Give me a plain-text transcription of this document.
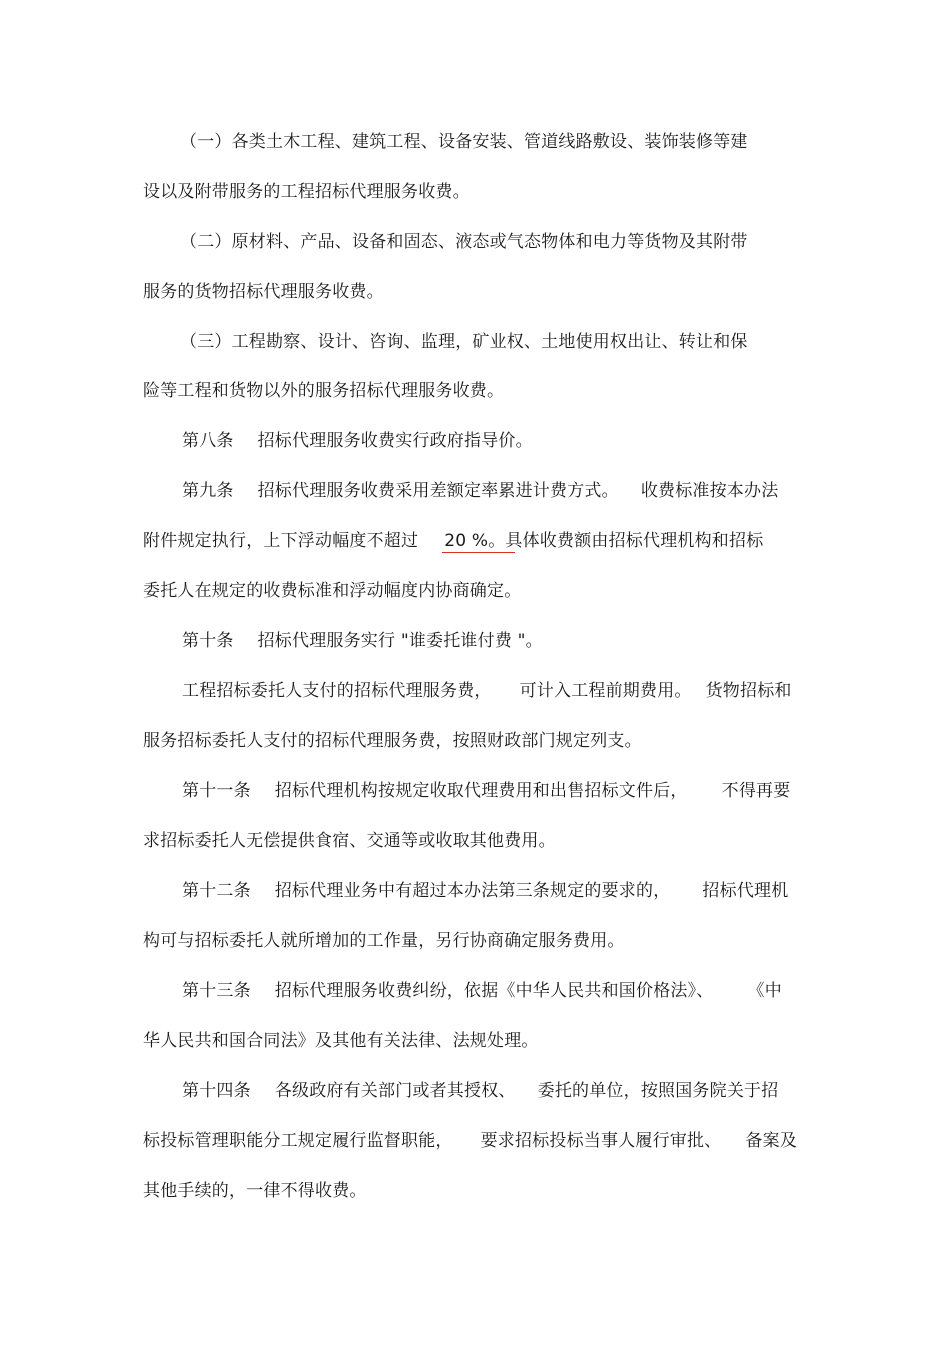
（一）各类土木工程、建筑工程、设备安装、管道线路敷设、装饰装修等建
设以及附带服务的工程招标代理服务收费。
（二）原材料、产品、设备和固态、液态或气态物体和电力等货物及其附带
服务的货物招标代理服务收费。
（三）工程勘察、设计、咨询、监理，矿业权、土地使用权出让、转让和保
险等工程和货物以外的服务招标代理服务收费。
第八条 招标代理服务收费实行政府指导价。
第九条 招标代理服务收费采用差额定率累进计费方式。 收费标准按本办法
附件规定执行，上下浮动幅度不超过 20 %。具体收费额由招标代理机构和招标
委托人在规定的收费标准和浮动幅度内协商确定。
第十条 招标代理服务实行 "谁委托谁付费 "。
工程招标委托人支付的招标代理服务费， 可计入工程前期费用。 货物招标和
服务招标委托人支付的招标代理服务费，按照财政部门规定列支。
第十一条 招标代理机构按规定收取代理费用和出售招标文件后， 不得再要
求招标委托人无偿提供食宿、交通等或收取其他费用。
第十二条 招标代理业务中有超过本办法第三条规定的要求的， 招标代理机
构可与招标委托人就所增加的工作量，另行协商确定服务费用。
第十三条 招标代理服务收费纠纷，依据《中华人民共和国价格法》、 《中
华人民共和国合同法》及其他有关法律、法规处理。
第十四条 各级政府有关部门或者其授权、 委托的单位，按照国务院关于招
标投标管理职能分工规定履行监督职能， 要求招标投标当事人履行审批、 备案及
其他手续的，一律不得收费。
